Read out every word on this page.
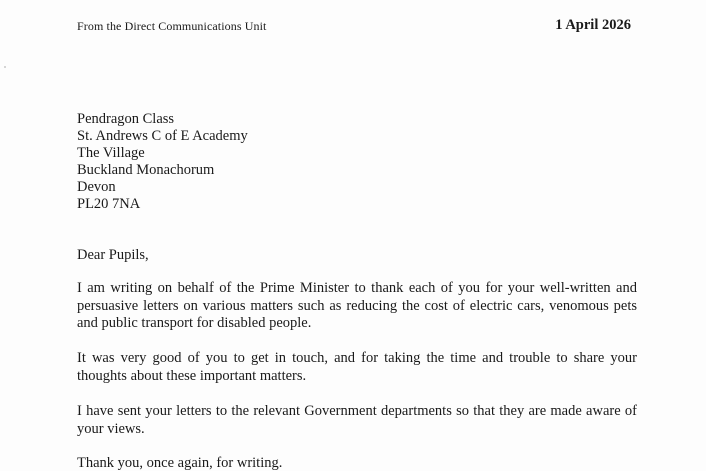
From the Direct Communications Unit	1 April 2026
Pendragon Class
St. Andrews C of E Academy
The Village
Buckland Monachorum
Devon
PL20 7NA
Dear Pupils,

I am writing on behalf of the Prime Minister to thank each of you for your well-written and persuasive letters on various matters such as reducing the cost of electric cars, venomous pets and public transport for disabled people.

It was very good of you to get in touch, and for taking the time and trouble to share your thoughts about these important matters.

I have sent your letters to the relevant Government departments so that they are made aware of your views.

Thank you, once again, for writing.
